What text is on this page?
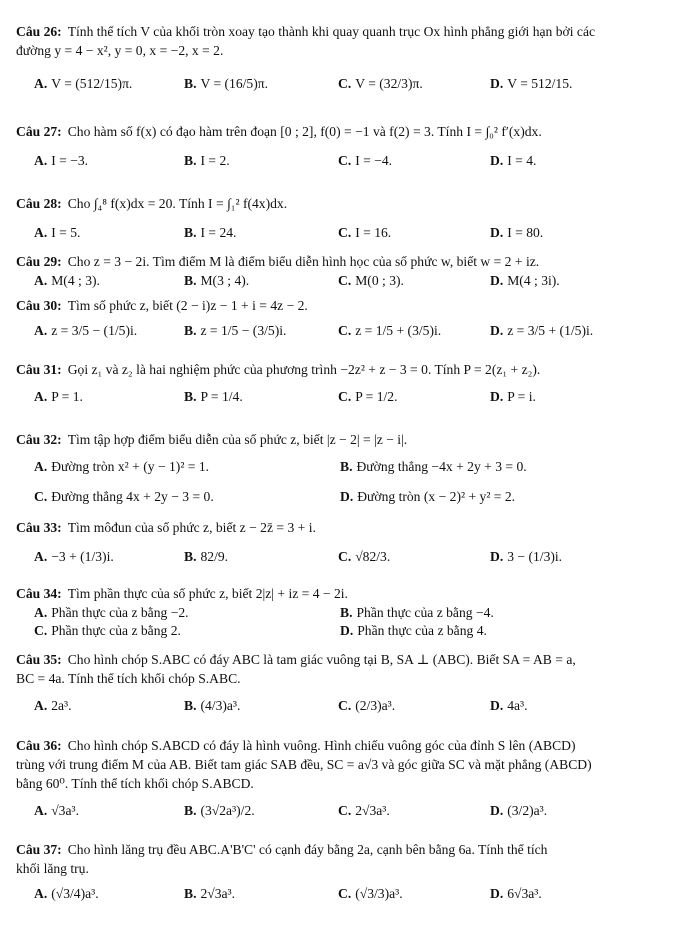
Câu 26: Tính thể tích V của khối tròn xoay tạo thành khi quay quanh trục Ox hình phẳng giới hạn bởi các
đường y = 4 − x², y = 0, x = −2, x = 2.
A. V = (512/15)π.	B. V = (16/5)π.	C. V = (32/3)π.	D. V = 512/15.
Câu 27: Cho hàm số f(x) có đạo hàm trên đoạn [0 ; 2], f(0) = −1 và f(2) = 3. Tính I = ∫₀² f′(x)dx.
A. I = −3.	B. I = 2.	C. I = −4.	D. I = 4.
Câu 28: Cho ∫₄⁸ f(x)dx = 20. Tính I = ∫₁² f(4x)dx.
A. I = 5.	B. I = 24.	C. I = 16.	D. I = 80.
Câu 29: Cho z = 3 − 2i. Tìm điểm M là điểm biểu diễn hình học của số phức w, biết w = 2 + iz.
A. M(4 ; 3).	B. M(3 ; 4).	C. M(0 ; 3).	D. M(4 ; 3i).
Câu 30: Tìm số phức z, biết (2 − i)z − 1 + i = 4z − 2.
A. z = 3/5 − (1/5)i.	B. z = 1/5 − (3/5)i.	C. z = 1/5 + (3/5)i.	D. z = 3/5 + (1/5)i.
Câu 31: Gọi z₁ và z₂ là hai nghiệm phức của phương trình −2z² + z − 3 = 0. Tính P = 2(z₁ + z₂).
A. P = 1.	B. P = 1/4.	C. P = 1/2.	D. P = i.
Câu 32: Tìm tập hợp điểm biểu diễn của số phức z, biết |z − 2| = |z − i|.
A. Đường tròn x² + (y − 1)² = 1.	B. Đường thẳng −4x + 2y + 3 = 0.
C. Đường thẳng 4x + 2y − 3 = 0.	D. Đường tròn (x − 2)² + y² = 2.
Câu 33: Tìm môđun của số phức z, biết z − 2z̄ = 3 + i.
A. −3 + (1/3)i.	B. 82/9.	C. √82/3.	D. 3 − (1/3)i.
Câu 34: Tìm phần thực của số phức z, biết 2|z| + iz = 4 − 2i.
A. Phần thực của z bằng −2.	B. Phần thực của z bằng −4.
C. Phần thực của z bằng 2.	D. Phần thực của z bằng 4.
Câu 35: Cho hình chóp S.ABC có đáy ABC là tam giác vuông tại B, SA ⊥ (ABC). Biết SA = AB = a,
BC = 4a. Tính thể tích khối chóp S.ABC.
A. 2a³.	B. (4/3)a³.	C. (2/3)a³.	D. 4a³.
Câu 36: Cho hình chóp S.ABCD có đáy là hình vuông. Hình chiếu vuông góc của đỉnh S lên (ABCD)
trùng với trung điểm M của AB. Biết tam giác SAB đều, SC = a√3 và góc giữa SC và mặt phẳng (ABCD)
bằng 60⁰. Tính thể tích khối chóp S.ABCD.
A. √3a³.	B. (3√2a³)/2.	C. 2√3a³.	D. (3/2)a³.
Câu 37: Cho hình lăng trụ đều ABC.A'B'C' có cạnh đáy bằng 2a, cạnh bên bằng 6a. Tính thể tích
khối lăng trụ.
A. (√3/4)a³.	B. 2√3a³.	C. (√3/3)a³.	D. 6√3a³.
